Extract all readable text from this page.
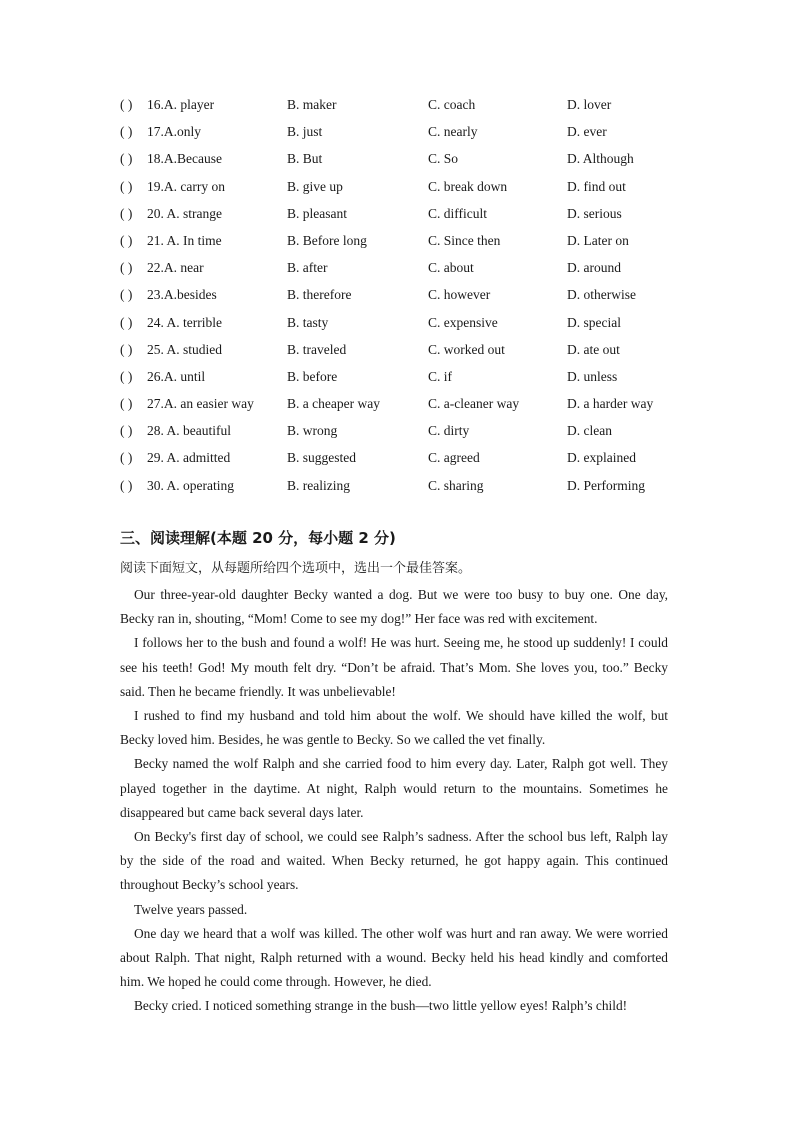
( ) 16.A. player	B. maker	C. coach	D. lover
( ) 17.A.only	B. just	C. nearly	D. ever
( ) 18.A.Because	B. But	C. So	D. Although
( ) 19.A. carry on	B. give up	C. break down	D. find out
( ) 20. A. strange	B. pleasant	C. difficult	D. serious
( ) 21. A. In time	B. Before long	C. Since then	D. Later on
( ) 22.A. near	B. after	C. about	D. around
( ) 23.A.besides	B. therefore	C. however	D. otherwise
( ) 24. A. terrible	B. tasty	C. expensive	D. special
( ) 25. A. studied	B. traveled	C. worked out	D. ate out
( ) 26.A. until	B. before	C. if	D. unless
( ) 27.A. an easier way B. a cheaper way	C. a-cleaner way	D. a harder way
( ) 28. A. beautiful	B. wrong	C. dirty	D. clean
( ) 29. A. admitted	B. suggested	C. agreed	D. explained
( ) 30. A. operating	B. realizing	C. sharing	D. Performing
三、阅读理解(本题 20 分，每小题 2 分)
阅读下面短文，从每题所给四个选项中，选出一个最佳答案。

Our three-year-old daughter Becky wanted a dog. But we were too busy to buy one. One day, Becky ran in, shouting, “Mom! Come to see my dog!” Her face was red with excitement.

I follows her to the bush and found a wolf! He was hurt. Seeing me, he stood up suddenly! I could see his teeth! God! My mouth felt dry. “Don’t be afraid. That’s Mom. She loves you, too.” Becky said. Then he became friendly. It was unbelievable!

I rushed to find my husband and told him about the wolf. We should have killed the wolf, but Becky loved him. Besides, he was gentle to Becky. So we called the vet finally.

Becky named the wolf Ralph and she carried food to him every day. Later, Ralph got well. They played together in the daytime. At night, Ralph would return to the mountains. Sometimes he disappeared but came back several days later.

On Becky's first day of school, we could see Ralph’s sadness. After the school bus left, Ralph lay by the side of the road and waited. When Becky returned, he got happy again. This continued throughout Becky’s school years.

Twelve years passed.

One day we heard that a wolf was killed. The other wolf was hurt and ran away. We were worried about Ralph. That night, Ralph returned with a wound. Becky held his head kindly and comforted him. We hoped he could come through. However, he died.

Becky cried. I noticed something strange in the bush—two little yellow eyes! Ralph’s child!
